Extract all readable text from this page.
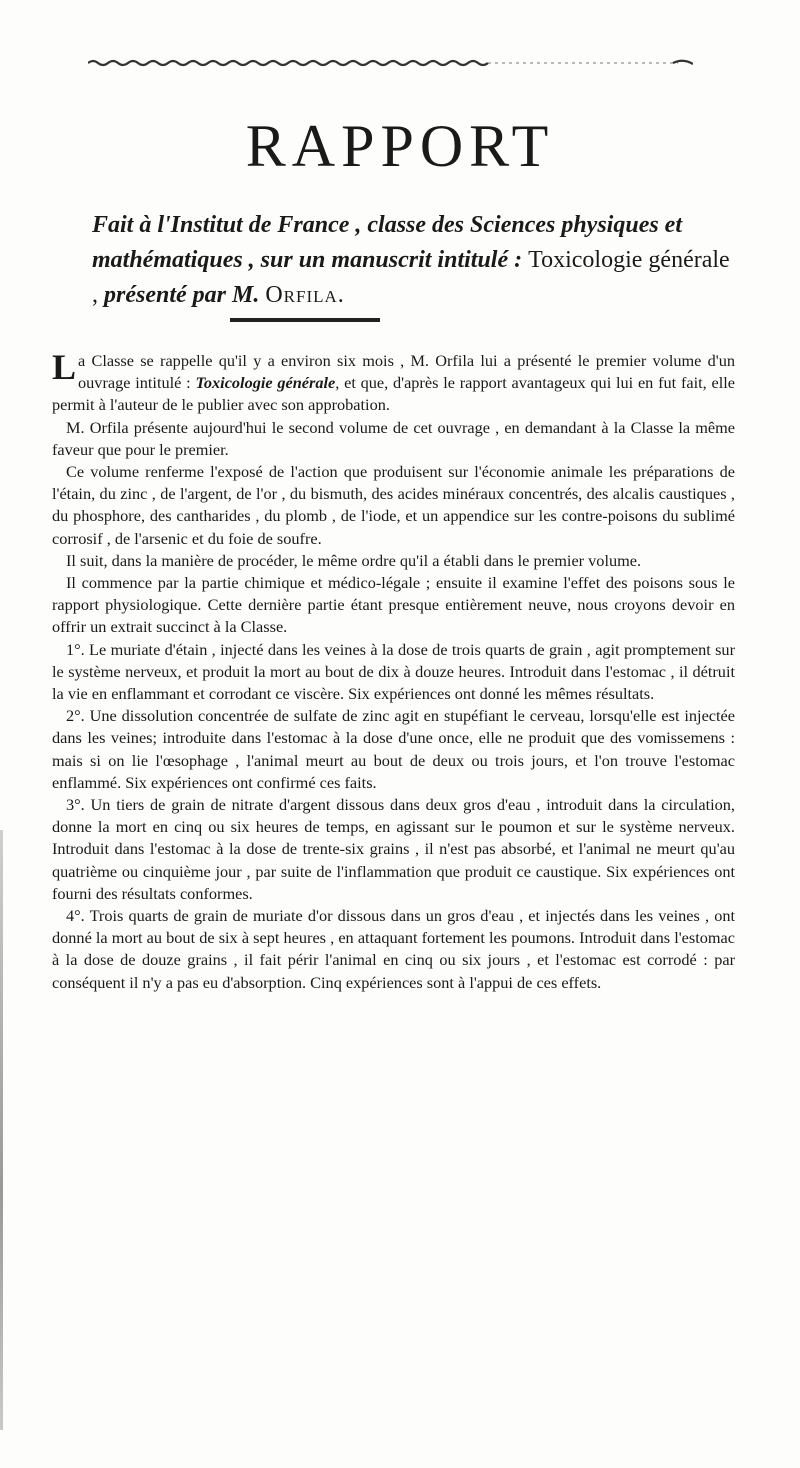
RAPPORT
Fait à l'Institut de France , classe des Sciences physiques et mathématiques , sur un manuscrit intitulé : Toxicologie générale , présenté par M. Orfila.

La Classe se rappelle qu'il y a environ six mois , M. Orfila lui a présenté le premier volume d'un ouvrage intitulé : Toxicologie générale, et que, d'après le rapport avantageux qui lui en fut fait, elle permit à l'auteur de le publier avec son approbation.

M. Orfila présente aujourd'hui le second volume de cet ouvrage , en demandant à la Classe la même faveur que pour le premier.

Ce volume renferme l'exposé de l'action que produisent sur l'économie animale les préparations de l'étain, du zinc , de l'argent, de l'or , du bismuth, des acides minéraux concentrés, des alcalis caustiques , du phosphore, des cantharides , du plomb , de l'iode, et un appendice sur les contre-poisons du sublimé corrosif , de l'arsenic et du foie de soufre.

Il suit, dans la manière de procéder, le même ordre qu'il a établi dans le premier volume.

Il commence par la partie chimique et médico-légale ; ensuite il examine l'effet des poisons sous le rapport physiologique. Cette dernière partie étant presque entièrement neuve, nous croyons devoir en offrir un extrait succinct à la Classe.

1°. Le muriate d'étain , injecté dans les veines à la dose de trois quarts de grain , agit promptement sur le système nerveux, et produit la mort au bout de dix à douze heures. Introduit dans l'estomac , il détruit la vie en enflammant et corrodant ce viscère. Six expériences ont donné les mêmes résultats.

2°. Une dissolution concentrée de sulfate de zinc agit en stupéfiant le cerveau, lorsqu'elle est injectée dans les veines; introduite dans l'estomac à la dose d'une once, elle ne produit que des vomissemens : mais si on lie l'œsophage , l'animal meurt au bout de deux ou trois jours, et l'on trouve l'estomac enflammé. Six expériences ont confirmé ces faits.

3°. Un tiers de grain de nitrate d'argent dissous dans deux gros d'eau , introduit dans la circulation, donne la mort en cinq ou six heures de temps, en agissant sur le poumon et sur le système nerveux. Introduit dans l'estomac à la dose de trente-six grains , il n'est pas absorbé, et l'animal ne meurt qu'au quatrième ou cinquième jour , par suite de l'inflammation que produit ce caustique. Six expériences ont fourni des résultats conformes.

4°. Trois quarts de grain de muriate d'or dissous dans un gros d'eau , et injectés dans les veines , ont donné la mort au bout de six à sept heures , en attaquant fortement les poumons. Introduit dans l'estomac à la dose de douze grains , il fait périr l'animal en cinq ou six jours , et l'estomac est corrodé : par conséquent il n'y a pas eu d'absorption. Cinq expériences sont à l'appui de ces effets.
